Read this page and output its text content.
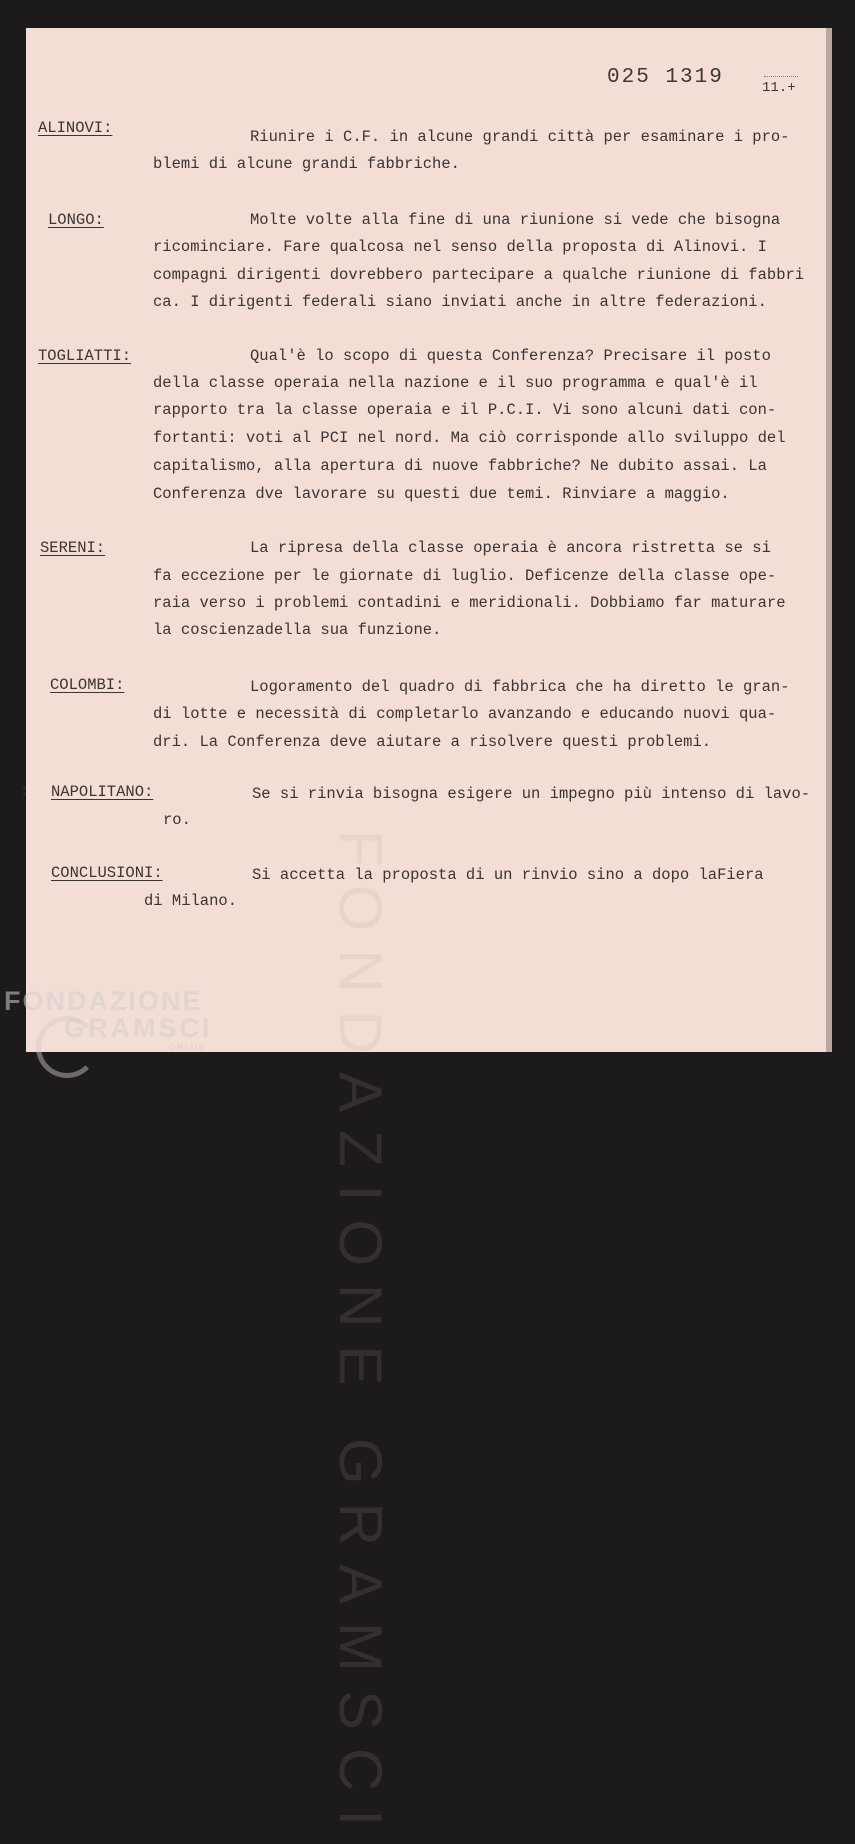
025 1319	11.+
FONDAZIONE GRAMSCI
ALINOVI:	Riunire i C.F. in alcune grandi città per esaminare i pro-
blemi di alcune grandi fabbriche.
LONGO:	Molte volte alla fine di una riunione si vede che bisogna
ricominciare. Fare qualcosa nel senso della proposta di Alinovi. I
compagni dirigenti dovrebbero partecipare a qualche riunione di fabbri
ca. I dirigenti federali siano inviati anche in altre federazioni.
TOGLIATTI:	Qual'è lo scopo di questa Conferenza? Precisare il posto
della classe operaia nella nazione e il suo programma e qual'è il
rapporto tra la classe operaia e il P.C.I. Vi sono alcuni dati con-
fortanti: voti al PCI nel nord. Ma ciò corrisponde allo sviluppo del
capitalismo, alla apertura di nuove fabbriche? Ne dubito assai. La
Conferenza dve lavorare su questi due temi. Rinviare a maggio.
SERENI:	La ripresa della classe operaia è ancora ristretta se si
fa eccezione per le giornate di luglio. Deficenze della classe ope-
raia verso i problemi contadini e meridionali. Dobbiamo far maturare
la coscienzadella sua funzione.
COLOMBI:	Logoramento del quadro di fabbrica che ha diretto le gran-
di lotte e necessità di completarlo avanzando e educando nuovi qua-
dri. La Conferenza deve aiutare a risolvere questi problemi.
: NAPOLITANO:	Se si rinvia bisogna esigere un impegno più intenso di lavo-
ro.
CONCLUSIONI:	Si accetta la proposta di un rinvio sino a dopo laFiera
di Milano.
FONDAZIONE
GRAMSCI
ONLUS
